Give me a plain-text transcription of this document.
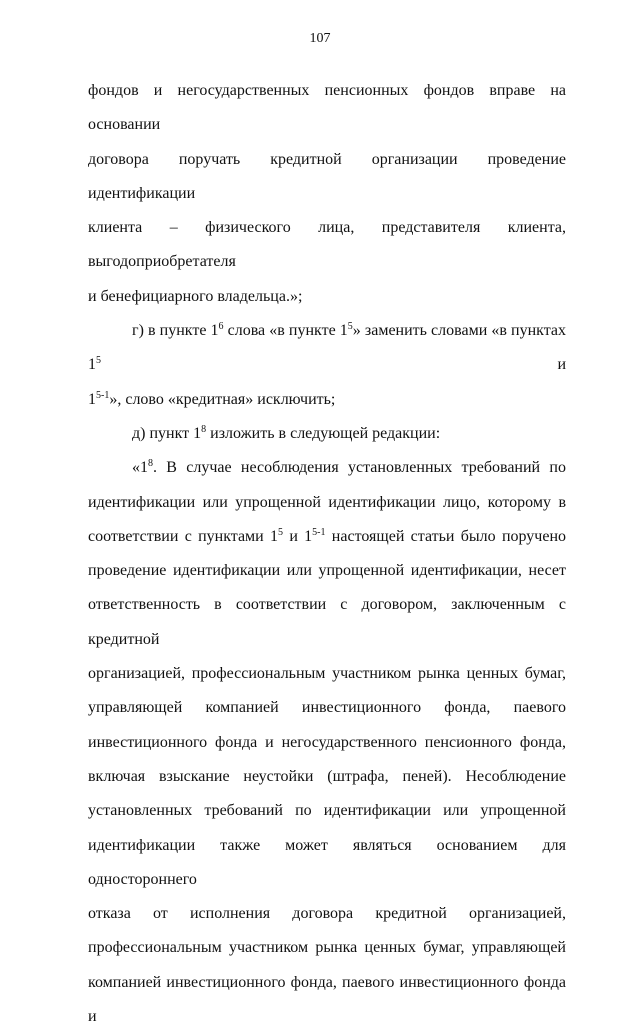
107

фондов и негосударственных пенсионных фондов вправе на основании

договора поручать кредитной организации проведение идентификации

клиента – физического лица, представителя клиента, выгодоприобретателя

и бенефициарного владельца.»;

г) в пункте $1^6$ слова «в пункте $1^5$» заменить словами «в пунктах $1^5$ и

1$^{5-1}$», слово «кредитная» исключить;

д) пункт $1^8$ изложить в следующей редакции:

«$1^8$. В случае несоблюдения установленных требований по

идентификации или упрощенной идентификации лицо, которому в

соответствии с пунктами $1^5$ и 1$^{5-1}$ настоящей статьи было поручено

проведение идентификации или упрощенной идентификации, несет

ответственность в соответствии с договором, заключенным с кредитной

организацией, профессиональным участником рынка ценных бумаг,

управляющей компанией инвестиционного фонда, паевого

инвестиционного фонда и негосударственного пенсионного фонда,

включая взыскание неустойки (штрафа, пеней). Несоблюдение

установленных требований по идентификации или упрощенной

идентификации также может являться основанием для одностороннего

отказа от исполнения договора кредитной организацией,

профессиональным участником рынка ценных бумаг, управляющей

компанией инвестиционного фонда, паевого инвестиционного фонда и
